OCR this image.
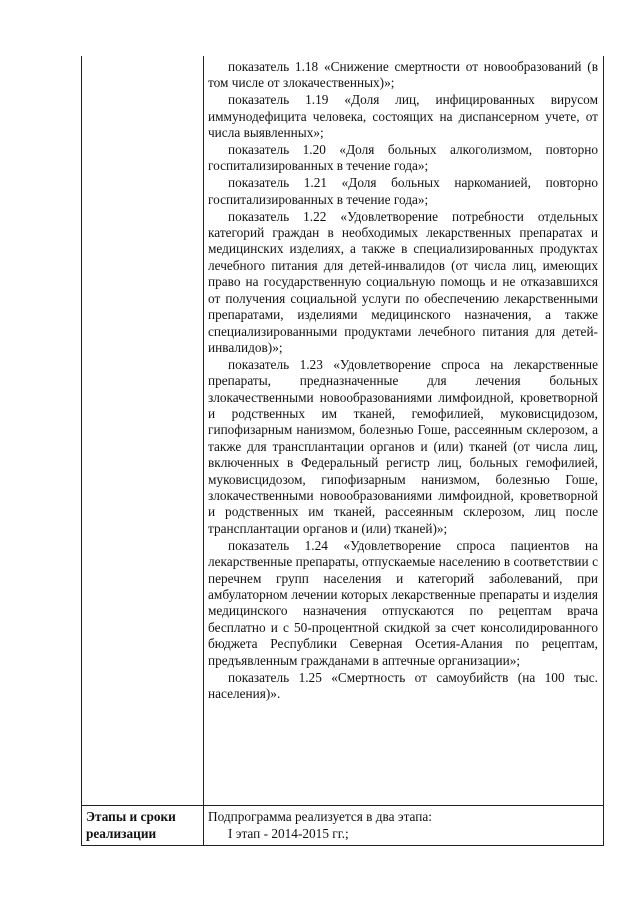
показатель 1.18 «Снижение смертности от новообразований (в том числе от злокачественных)»;

показатель 1.19 «Доля лиц, инфицированных вирусом иммунодефицита человека, состоящих на диспансерном учете, от числа выявленных»;

показатель 1.20 «Доля больных алкоголизмом, повторно госпитализированных в течение года»;

показатель 1.21 «Доля больных наркоманией, повторно госпитализированных в течение года»;

показатель 1.22 «Удовлетворение потребности отдельных категорий граждан в необходимых лекарственных препаратах и медицинских изделиях, а также в специализированных продуктах лечебного питания для детей-инвалидов (от числа лиц, имеющих право на государственную социальную помощь и не отказавшихся от получения социальной услуги по обеспечению лекарственными препаратами, изделиями медицинского назначения, а также специализированными продуктами лечебного питания для детей-инвалидов)»;

показатель 1.23 «Удовлетворение спроса на лекарственные препараты, предназначенные для лечения больных злокачественными новообразованиями лимфоидной, кроветворной и родственных им тканей, гемофилией, муковисцидозом, гипофизарным нанизмом, болезнью Гоше, рассеянным склерозом, а также для трансплантации органов и (или) тканей (от числа лиц, включенных в Федеральный регистр лиц, больных гемофилией, муковисцидозом, гипофизарным нанизмом, болезнью Гоше, злокачественными новообразованиями лимфоидной, кроветворной и родственных им тканей, рассеянным склерозом, лиц после трансплантации органов и (или) тканей)»;

показатель 1.24 «Удовлетворение спроса пациентов на лекарственные препараты, отпускаемые населению в соответствии с перечнем групп населения и категорий заболеваний, при амбулаторном лечении которых лекарственные препараты и изделия медицинского назначения отпускаются по рецептам врача бесплатно и с 50-процентной скидкой за счет консолидированного бюджета Республики Северная Осетия-Алания по рецептам, предъявленным гражданами в аптечные организации»;

показатель 1.25 «Смертность от самоубийств (на 100 тыс. населения)».

Этапы и сроки реализации

Подпрограмма реализуется в два этапа:

I этап - 2014-2015 гг.;
